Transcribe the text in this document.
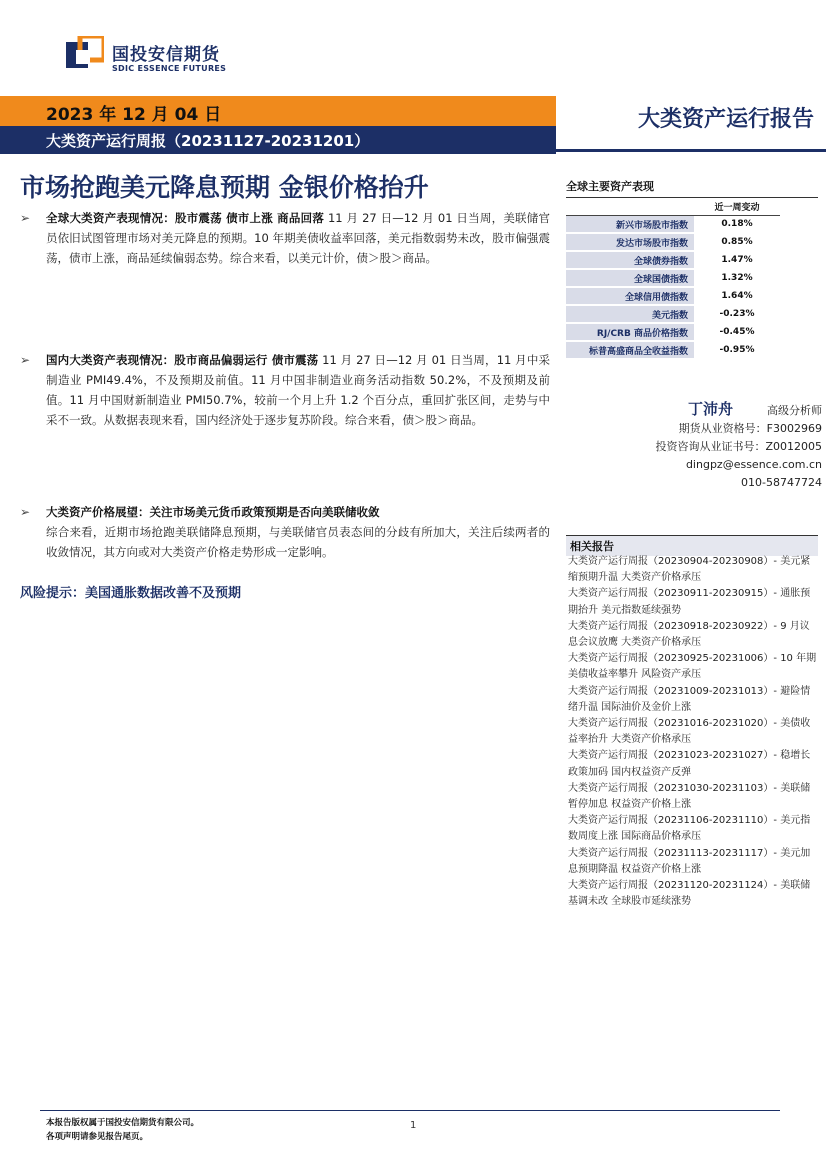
国投安信期货
SDIC ESSENCE FUTURES
2023 年 12 月 04 日	大类资产运行报告
大类资产运行周报（20231127-20231201）
市场抢跑美元降息预期 金银价格抬升
➢	全球大类资产表现情况：股市震荡 债市上涨 商品回落 11 月 27 日—12 月 01 日当周，美联储官员依旧试图管理市场对美元降息的预期。10 年期美债收益率回落，美元指数弱势未改，股市偏强震荡，债市上涨，商品延续偏弱态势。综合来看，以美元计价，债＞股＞商品。
➢	国内大类资产表现情况：股市商品偏弱运行 债市震荡 11 月 27 日—12 月 01 日当周，11 月中采制造业 PMI49.4%，不及预期及前值。11 月中国非制造业商务活动指数 50.2%，不及预期及前值。11 月中国财新制造业 PMI50.7%，较前一个月上升 1.2 个百分点，重回扩张区间，走势与中采不一致。从数据表现来看，国内经济处于逐步复苏阶段。综合来看，债＞股＞商品。
➢ 大类资产价格展望：关注市场美元货币政策预期是否向美联储收敛
综合来看，近期市场抢跑美联储降息预期，与美联储官员表态间的分歧有所加大，关注后续两者的收敛情况，其方向或对大类资产价格走势形成一定影响。
风险提示：美国通胀数据改善不及预期
全球主要资产表现
近一周变动
新兴市场股市指数	0.18%
发达市场股市指数	0.85%
全球债券指数	1.47%
全球国债指数	1.32%
全球信用债指数	1.64%
美元指数	-0.23%
RJ/CRB 商品价格指数	-0.45%
标普高盛商品全收益指数	-0.95%
丁沛舟	高级分析师
期货从业资格号：F3002969
投资咨询从业证书号：Z0012005
dingpz@essence.com.cn
010-58747724
相关报告
大类资产运行周报（20230904-20230908）- 美元紧缩预期升温 大类资产价格承压
大类资产运行周报（20230911-20230915）- 通胀预期抬升 美元指数延续强势
大类资产运行周报（20230918-20230922）- 9 月议息会议放鹰 大类资产价格承压
大类资产运行周报（20230925-20231006）- 10 年期美债收益率攀升 风险资产承压
大类资产运行周报（20231009-20231013）- 避险情绪升温 国际油价及金价上涨
大类资产运行周报（20231016-20231020）- 美债收益率抬升 大类资产价格承压
大类资产运行周报（20231023-20231027）- 稳增长政策加码 国内权益资产反弹
大类资产运行周报（20231030-20231103）- 美联储暂停加息 权益资产价格上涨
大类资产运行周报（20231106-20231110）- 美元指数周度上涨 国际商品价格承压
大类资产运行周报（20231113-20231117）- 美元加息预期降温 权益资产价格上涨
大类资产运行周报（20231120-20231124）- 美联储基调未改 全球股市延续涨势
本报告版权属于国投安信期货有限公司。
各项声明请参见报告尾页。
1
